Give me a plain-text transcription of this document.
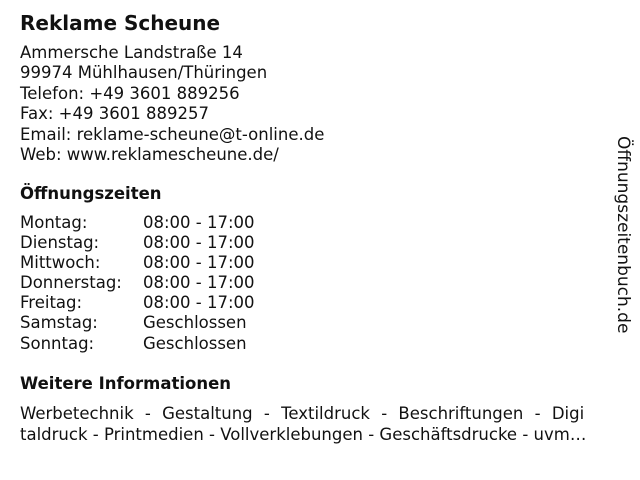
Reklame Scheune
Ammersche Landstraße 14
99974 Mühlhausen/Thüringen
Telefon: +49 3601 889256
Fax: +49 3601 889257
Email: reklame-scheune@t-online.de
Web: www.reklamescheune.de/
Öffnungszeiten
Montag:	08:00 - 17:00
Dienstag:	08:00 - 17:00
Mittwoch:	08:00 - 17:00
Donnerstag: 08:00 - 17:00
Freitag:	08:00 - 17:00
Samstag:	Geschlossen
Sonntag:	Geschlossen
Weitere Informationen
Werbetechnik - Gestaltung - Textildruck - Beschriftungen - Digi
taldruck - Printmedien - Vollverklebungen - Geschäftsdrucke - uvm…
Öffnungszeitenbuch.de
